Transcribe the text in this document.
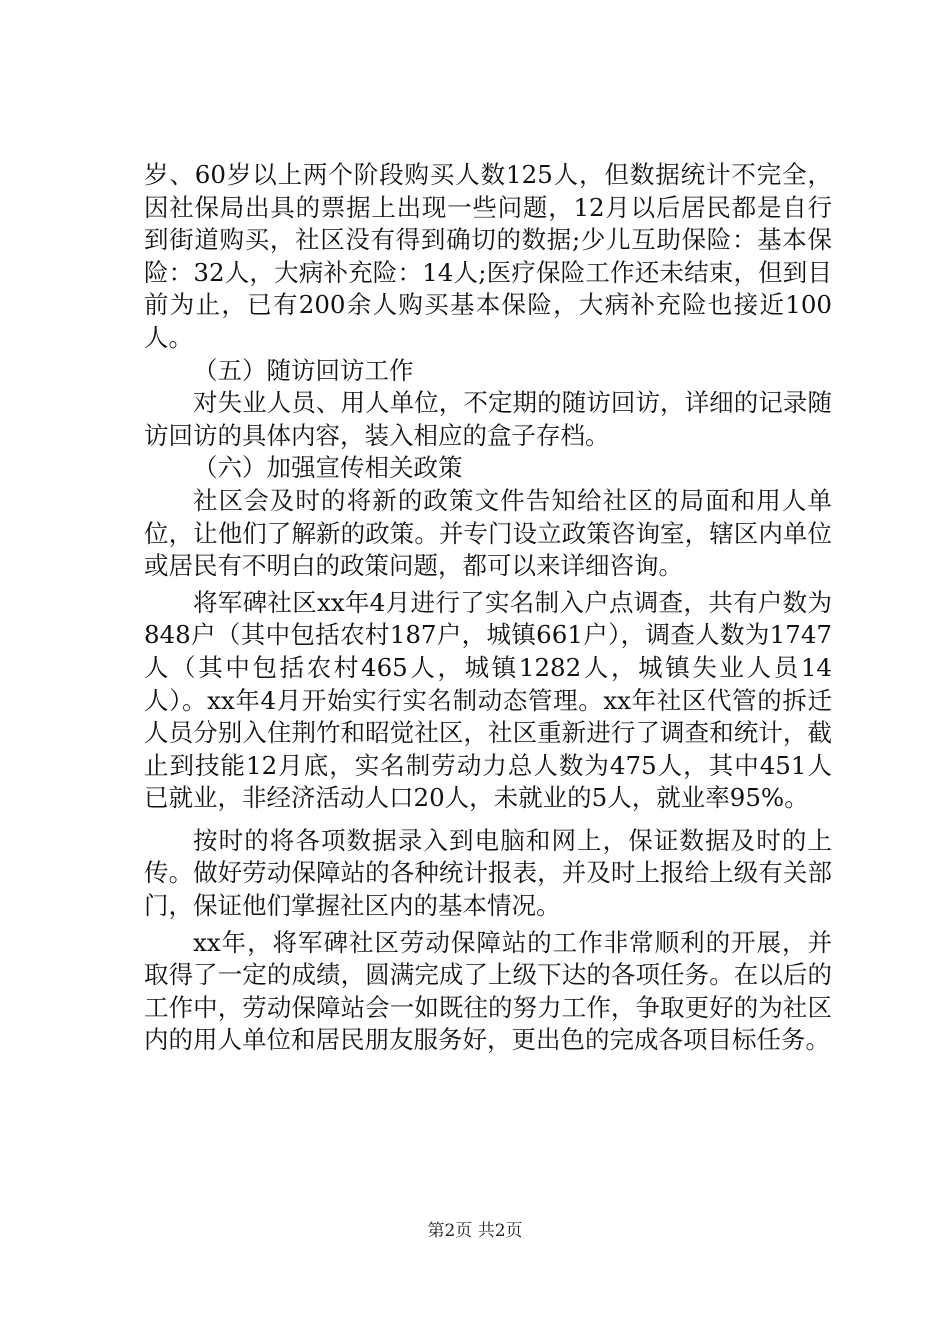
岁、60岁以上两个阶段购买人数125人，但数据统计不完全，因社保局出具的票据上出现一些问题，12月以后居民都是自行到街道购买，社区没有得到确切的数据;少儿互助保险：基本保险：32人，大病补充险：14人;医疗保险工作还未结束，但到目前为止，已有200余人购买基本保险，大病补充险也接近100人。

（五）随访回访工作

对失业人员、用人单位，不定期的随访回访，详细的记录随访回访的具体内容，装入相应的盒子存档。

（六）加强宣传相关政策

社区会及时的将新的政策文件告知给社区的局面和用人单位，让他们了解新的政策。并专门设立政策咨询室，辖区内单位或居民有不明白的政策问题，都可以来详细咨询。

将军碑社区xx年4月进行了实名制入户点调查，共有户数为848户（其中包括农村187户，城镇661户），调查人数为1747人（其中包括农村465人，城镇1282人，城镇失业人员14人）。xx年4月开始实行实名制动态管理。xx年社区代管的拆迁人员分别入住荆竹和昭觉社区，社区重新进行了调查和统计，截止到技能12月底，实名制劳动力总人数为475人，其中451人已就业，非经济活动人口20人，未就业的5人，就业率95%。

按时的将各项数据录入到电脑和网上，保证数据及时的上传。做好劳动保障站的各种统计报表，并及时上报给上级有关部门，保证他们掌握社区内的基本情况。

xx年，将军碑社区劳动保障站的工作非常顺利的开展，并取得了一定的成绩，圆满完成了上级下达的各项任务。在以后的工作中，劳动保障站会一如既往的努力工作，争取更好的为社区内的用人单位和居民朋友服务好，更出色的完成各项目标任务。

第2页 共2页
